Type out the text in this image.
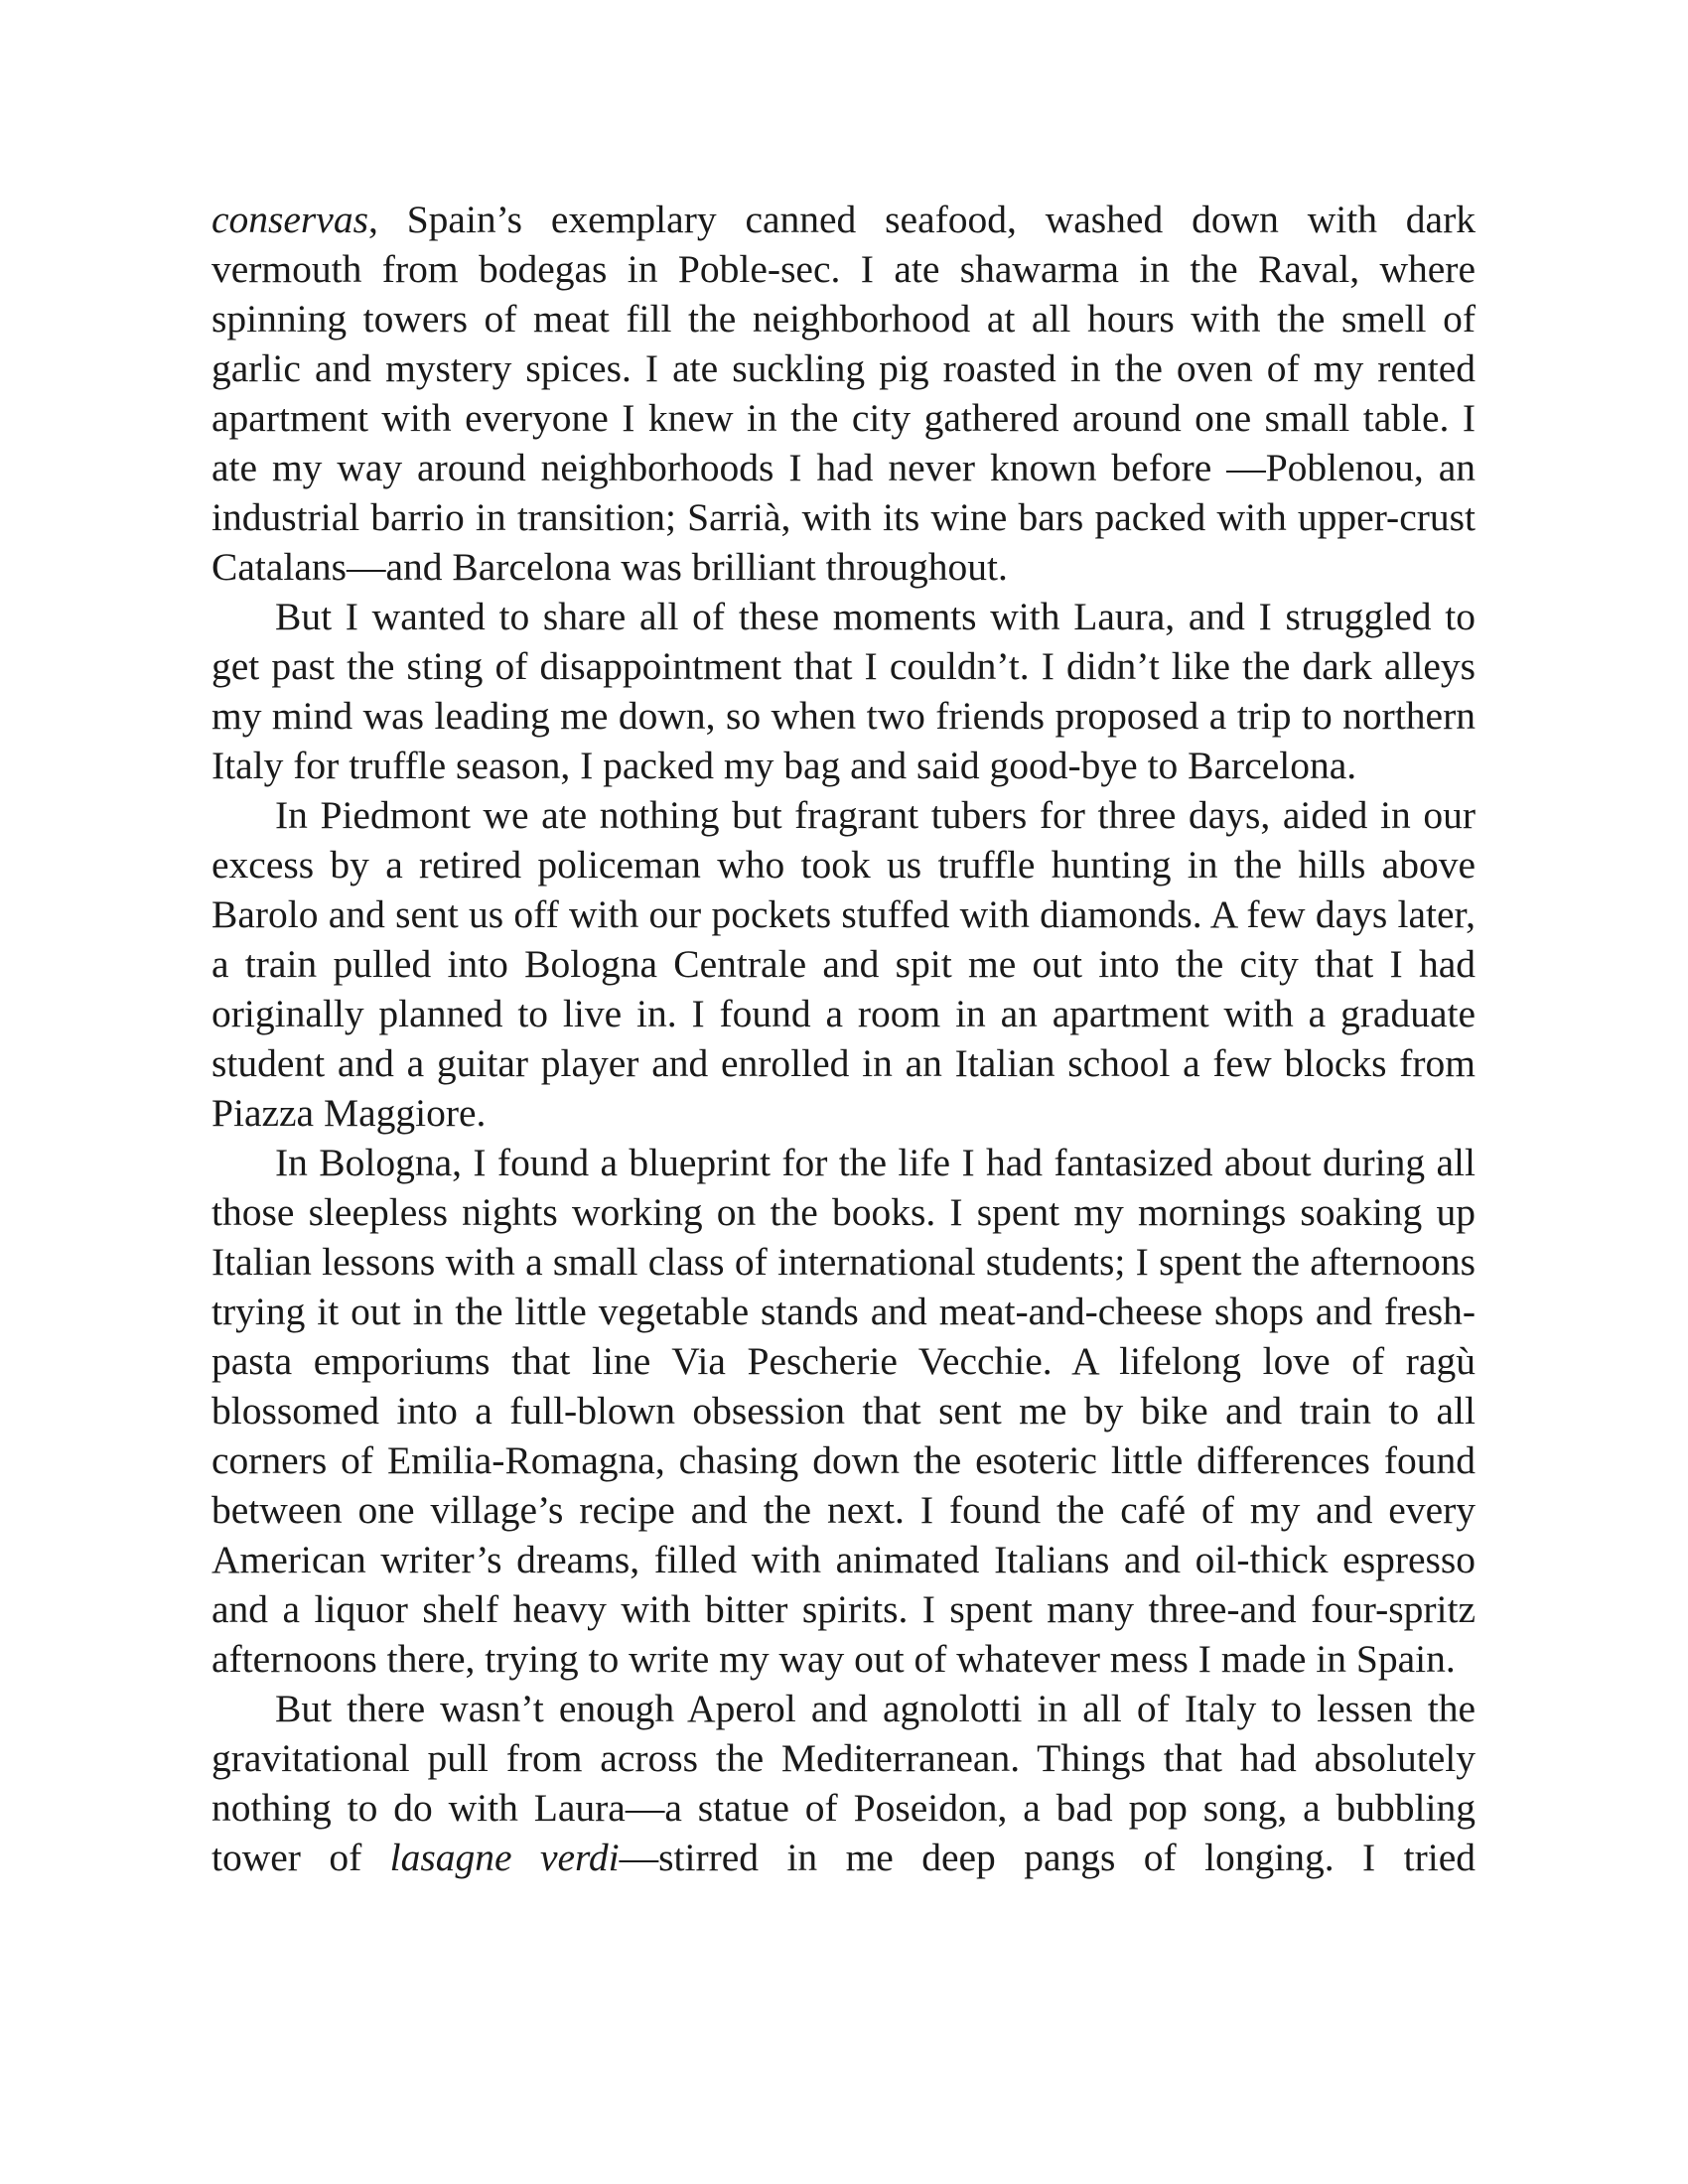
conservas, Spain’s exemplary canned seafood, washed down with dark vermouth from bodegas in Poble-sec. I ate shawarma in the Raval, where spinning towers of meat fill the neighborhood at all hours with the smell of garlic and mystery spices. I ate suckling pig roasted in the oven of my rented apartment with everyone I knew in the city gathered around one small table. I ate my way around neighborhoods I had never known before —Poblenou, an industrial barrio in transition; Sarrià, with its wine bars packed with upper-crust Catalans—and Barcelona was brilliant throughout.

But I wanted to share all of these moments with Laura, and I struggled to get past the sting of disappointment that I couldn’t. I didn’t like the dark alleys my mind was leading me down, so when two friends proposed a trip to northern Italy for truffle season, I packed my bag and said good-bye to Barcelona.

In Piedmont we ate nothing but fragrant tubers for three days, aided in our excess by a retired policeman who took us truffle hunting in the hills above Barolo and sent us off with our pockets stuffed with diamonds. A few days later, a train pulled into Bologna Centrale and spit me out into the city that I had originally planned to live in. I found a room in an apartment with a graduate student and a guitar player and enrolled in an Italian school a few blocks from Piazza Maggiore.

In Bologna, I found a blueprint for the life I had fantasized about during all those sleepless nights working on the books. I spent my mornings soaking up Italian lessons with a small class of international students; I spent the afternoons trying it out in the little vegetable stands and meat-and-cheese shops and fresh-pasta emporiums that line Via Pescherie Vecchie. A lifelong love of ragù blossomed into a full-blown obsession that sent me by bike and train to all corners of Emilia-Romagna, chasing down the esoteric little differences found between one village’s recipe and the next. I found the café of my and every American writer’s dreams, filled with animated Italians and oil-thick espresso and a liquor shelf heavy with bitter spirits. I spent many three-and four-spritz afternoons there, trying to write my way out of whatever mess I made in Spain.

But there wasn’t enough Aperol and agnolotti in all of Italy to lessen the gravitational pull from across the Mediterranean. Things that had absolutely nothing to do with Laura—a statue of Poseidon, a bad pop song, a bubbling tower of lasagne verdi—stirred in me deep pangs of longing. I tried
